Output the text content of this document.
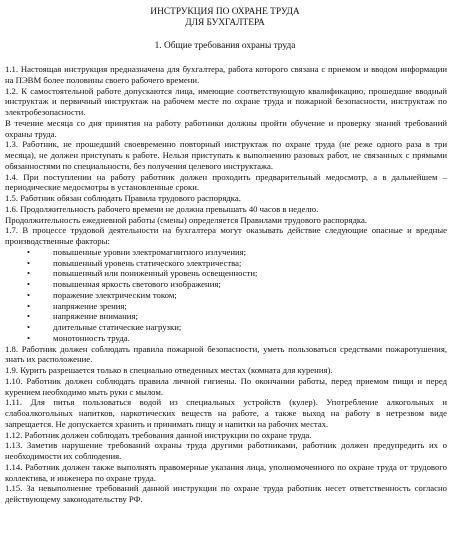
ИНСТРУКЦИЯ ПО ОХРАНЕ ТРУДА
ДЛЯ БУХГАЛТЕРА
1. Общие требования охраны труда

1.1. Настоящая инструкция предназначена для бухгалтера, работа которого связана с приемом и вводом информации на ПЭВМ более половины своего рабочего времени.

1.2. К самостоятельной работе допускаются лица, имеющие соответствующую квалификацию, прошедшие вводный инструктаж и первичный инструктаж на рабочем месте по охране труда и пожарной безопасности, инструктаж по электробезопасности.

В течение месяца со дня принятия на работу работники должны пройти обучение и проверку знаний требований охраны труда.

1.3. Работник, не прошедший своевременно повторный инструктаж по охране труда (не реже одного раза в три месяца), не должен приступать к работе. Нельзя приступать к выполнению разовых работ, не связанных с прямыми обязанностями по специальности, без получения целевого инструктажа.

1.4. При поступлении на работу работник должен проходить предварительный медосмотр, а в дальнейшем – периодические медосмотры в установленные сроки.

1.5. Работник обязан соблюдать Правила трудового распорядка.

1.6. Продолжительность рабочего времени не должна превышать 40 часов в неделю.

Продолжительность ежедневной работы (смены) определяется Правилами трудового распорядка.

1.7. В процессе трудовой деятельности на бухгалтера могут оказывать действие следующие опасные и вредные производственные факторы:

•	повышенные уровни электромагнитного излучения;
•	повышенный уровень статического электричества;
•	повышенный или пониженный уровень освещенности;
•	повышенная яркость светового изображения;
•	поражение электрическим током;
•	напряжение зрения;
•	напряжение внимания;
•	длительные статические нагрузки;
•	монотонность труда.

1.8. Работник должен соблюдать правила пожарной безопасности, уметь пользоваться средствами пожаротушения, знать их расположение.

1.9. Курить разрешается только в специально отведенных местах (комната для курения).

1.10. Работник должен соблюдать правила личной гигиены. По окончании работы, перед приемом пищи и перед курением необходимо мыть руки с мылом.

1.11. Для питья пользоваться водой из специальных устройств (кулер). Употребление алкогольных и слабоалкогольных напитков, наркотических веществ на работе, а также выход на работу в нетрезвом виде запрещается. Не допускается хранить и принимать пищу и напитки на рабочих местах.

1.12. Работник должен соблюдать требования данной инструкции по охране труда.

1.13. Заметив нарушение требований охраны труда другими работниками, работник должен предупредить их о необходимости их соблюдения.

1.14. Работник должен также выполнять правомерные указания лица, уполномоченного по охране труда от трудового коллектива, и инженера по охране труда.

1.15. За невыполнение требований данной инструкции по охране труда работник несет ответственность согласно действующему законодательству РФ.
